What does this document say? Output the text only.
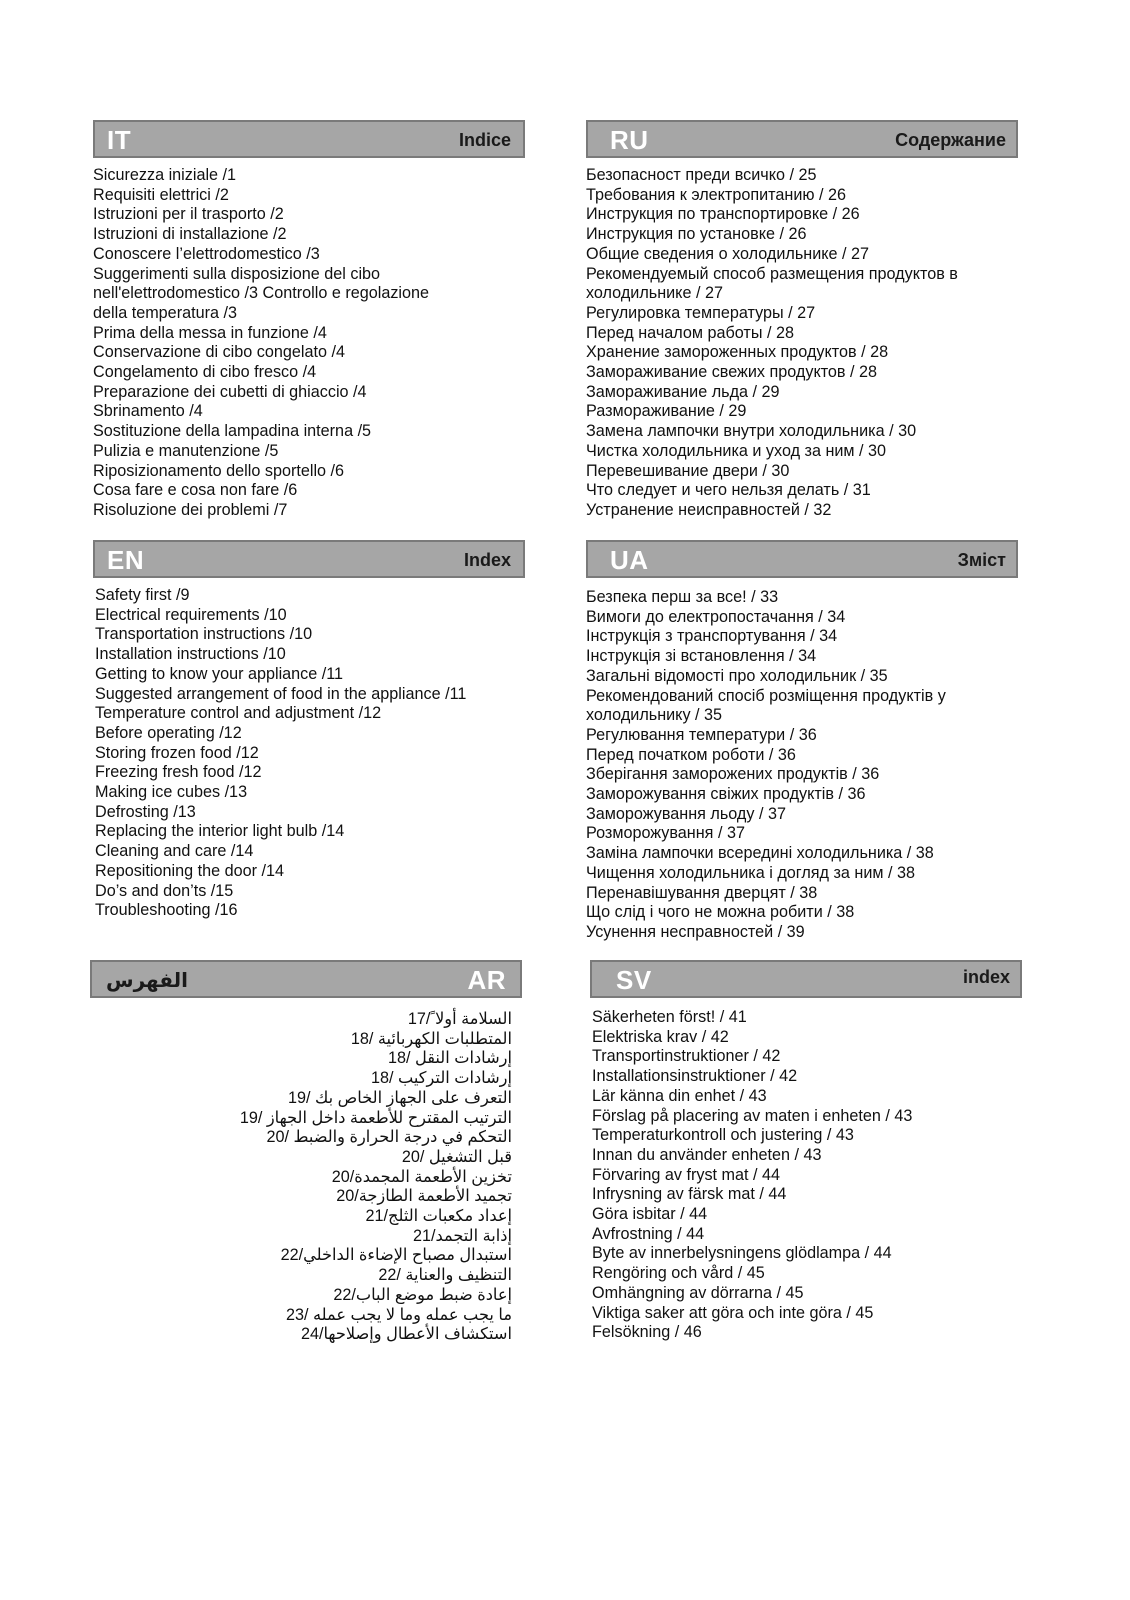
IT	Indice
Sicurezza iniziale /1
Requisiti elettrici /2
Istruzioni per il trasporto /2
Istruzioni di installazione /2
Conoscere l’elettrodomestico /3
Suggerimenti sulla disposizione del cibo
nell'elettrodomestico /3 Controllo e regolazione
della temperatura /3
Prima della messa in funzione /4
Conservazione di cibo congelato /4
Congelamento di cibo fresco /4
Preparazione dei cubetti di ghiaccio /4
Sbrinamento /4
Sostituzione della lampadina interna /5
Pulizia e manutenzione /5
Riposizionamento dello sportello /6
Cosa fare e cosa non fare /6
Risoluzione dei problemi /7
RU	Содержание
Безопасност преди всичко / 25
Требования к электропитанию / 26
Инструкция по транспортировке / 26
Инструкция по установке / 26
Общие сведения о холодильнике / 27
Рекомендуемый способ размещения продуктов в
холодильнике / 27
Регулировка температуры / 27
Перед началом работы / 28
Хранение замороженных продуктов / 28
Замораживание свежих продуктов / 28
Замораживание льда / 29
Размораживание / 29
Замена лампочки внутри холодильника / 30
Чистка холодильника и уход за ним / 30
Перевешивание двери / 30
Что следует и чего нельзя делать / 31
Устранение неисправностей / 32
EN	Index
Safety first /9
Electrical requirements /10
Transportation instructions /10
Installation instructions /10
Getting to know your appliance /11
Suggested arrangement of food in the appliance /11
Temperature control and adjustment /12
Before operating /12
Storing frozen food /12
Freezing fresh food /12
Making ice cubes /13
Defrosting /13
Replacing the interior light bulb /14
Cleaning and care /14
Repositioning the door /14
Do’s and don’ts /15
Troubleshooting /16
UA	Зміст
Безпека перш за все! / 33
Вимоги до електропостачання / 34
Інструкція з транспортування / 34
Інструкція зі встановлення / 34
Загальні відомості про холодильник / 35
Рекомендований спосіб розміщення продуктів у
холодильнику / 35
Регулювання температури / 36
Перед початком роботи / 36
Зберігання заморожених продуктів / 36
Заморожування свіжих продуктів / 36
Заморожування льоду / 37
Розморожування / 37
Заміна лампочки всередині холодильника / 38
Чищення холодильника і догляд за ним / 38
Перенавішування дверцят / 38
Що слід і чого не можна робити / 38
Усунення несправностей / 39
الفهرس	AR
السلامة أولا ً/17
المتطلبات الكهربائية /18
إرشادات النقل /18
إرشادات التركيب /18
التعرف على الجهاز الخاص بك /19
الترتيب المقترح للأطعمة داخل الجهاز /19
التحكم في درجة الحرارة والضبط /20
قبل التشغيل /20
تخزين الأطعمة المجمدة/20
تجميد الأطعمة الطازجة/20
إعداد مكعبات الثلج/21
إذابة التجمد/21
استبدال مصباح الإضاءة الداخلي/22
التنظيف والعناية /22
إعادة ضبط موضع الباب/22
ما يجب عمله وما لا يجب عمله /23
استكشاف الأعطال وإصلاحها/24
SV	index
Säkerheten först! / 41
Elektriska krav / 42
Transportinstruktioner / 42
Installationsinstruktioner / 42
Lär känna din enhet / 43
Förslag på placering av maten i enheten / 43
Temperaturkontroll och justering / 43
Innan du använder enheten / 43
Förvaring av fryst mat / 44
Infrysning av färsk mat / 44
Göra isbitar / 44
Avfrostning / 44
Byte av innerbelysningens glödlampa / 44
Rengöring och vård / 45
Omhängning av dörrarna / 45
Viktiga saker att göra och inte göra / 45
Felsökning / 46
